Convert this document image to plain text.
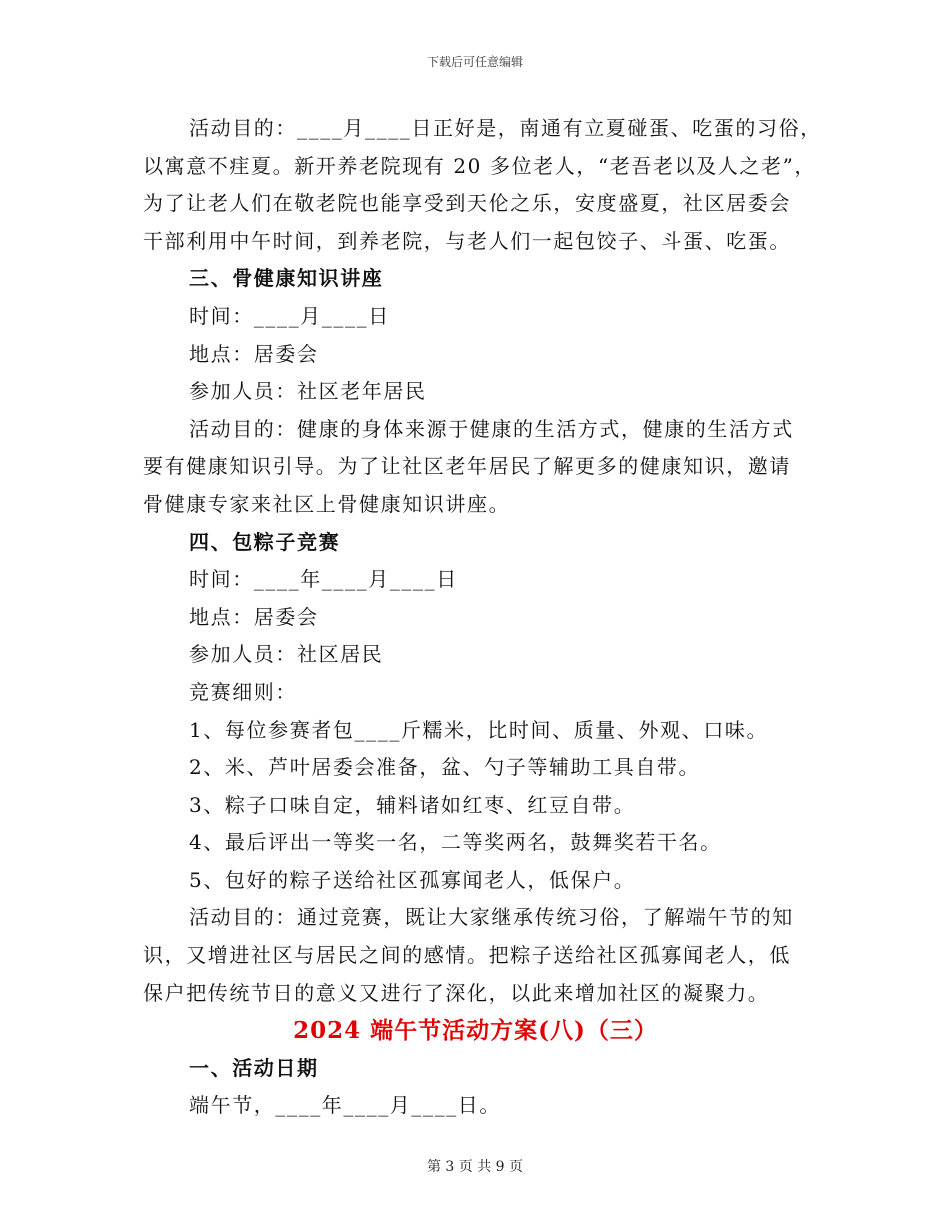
下载后可任意编辑
活动目的：____月____日正好是，南通有立夏碰蛋、吃蛋的习俗，
以寓意不疰夏。新开养老院现有 20 多位老人，“老吾老以及人之老”，
为了让老人们在敬老院也能享受到天伦之乐，安度盛夏，社区居委会
干部利用中午时间，到养老院，与老人们一起包饺子、斗蛋、吃蛋。
三、骨健康知识讲座
时间：____月____日
地点：居委会
参加人员：社区老年居民
活动目的：健康的身体来源于健康的生活方式，健康的生活方式
要有健康知识引导。为了让社区老年居民了解更多的健康知识，邀请
骨健康专家来社区上骨健康知识讲座。
四、包粽子竞赛
时间：____年____月____日
地点：居委会
参加人员：社区居民
竞赛细则：
1、每位参赛者包____斤糯米，比时间、质量、外观、口味。
2、米、芦叶居委会准备，盆、勺子等辅助工具自带。
3、粽子口味自定，辅料诸如红枣、红豆自带。
4、最后评出一等奖一名，二等奖两名，鼓舞奖若干名。
5、包好的粽子送给社区孤寡闻老人，低保户。
活动目的：通过竞赛，既让大家继承传统习俗，了解端午节的知
识，又增进社区与居民之间的感情。把粽子送给社区孤寡闻老人，低
保户把传统节日的意义又进行了深化，以此来增加社区的凝聚力。
2024 端午节活动方案(八)（三）
一、活动日期
端午节，____年____月____日。
第 3 页 共 9 页
